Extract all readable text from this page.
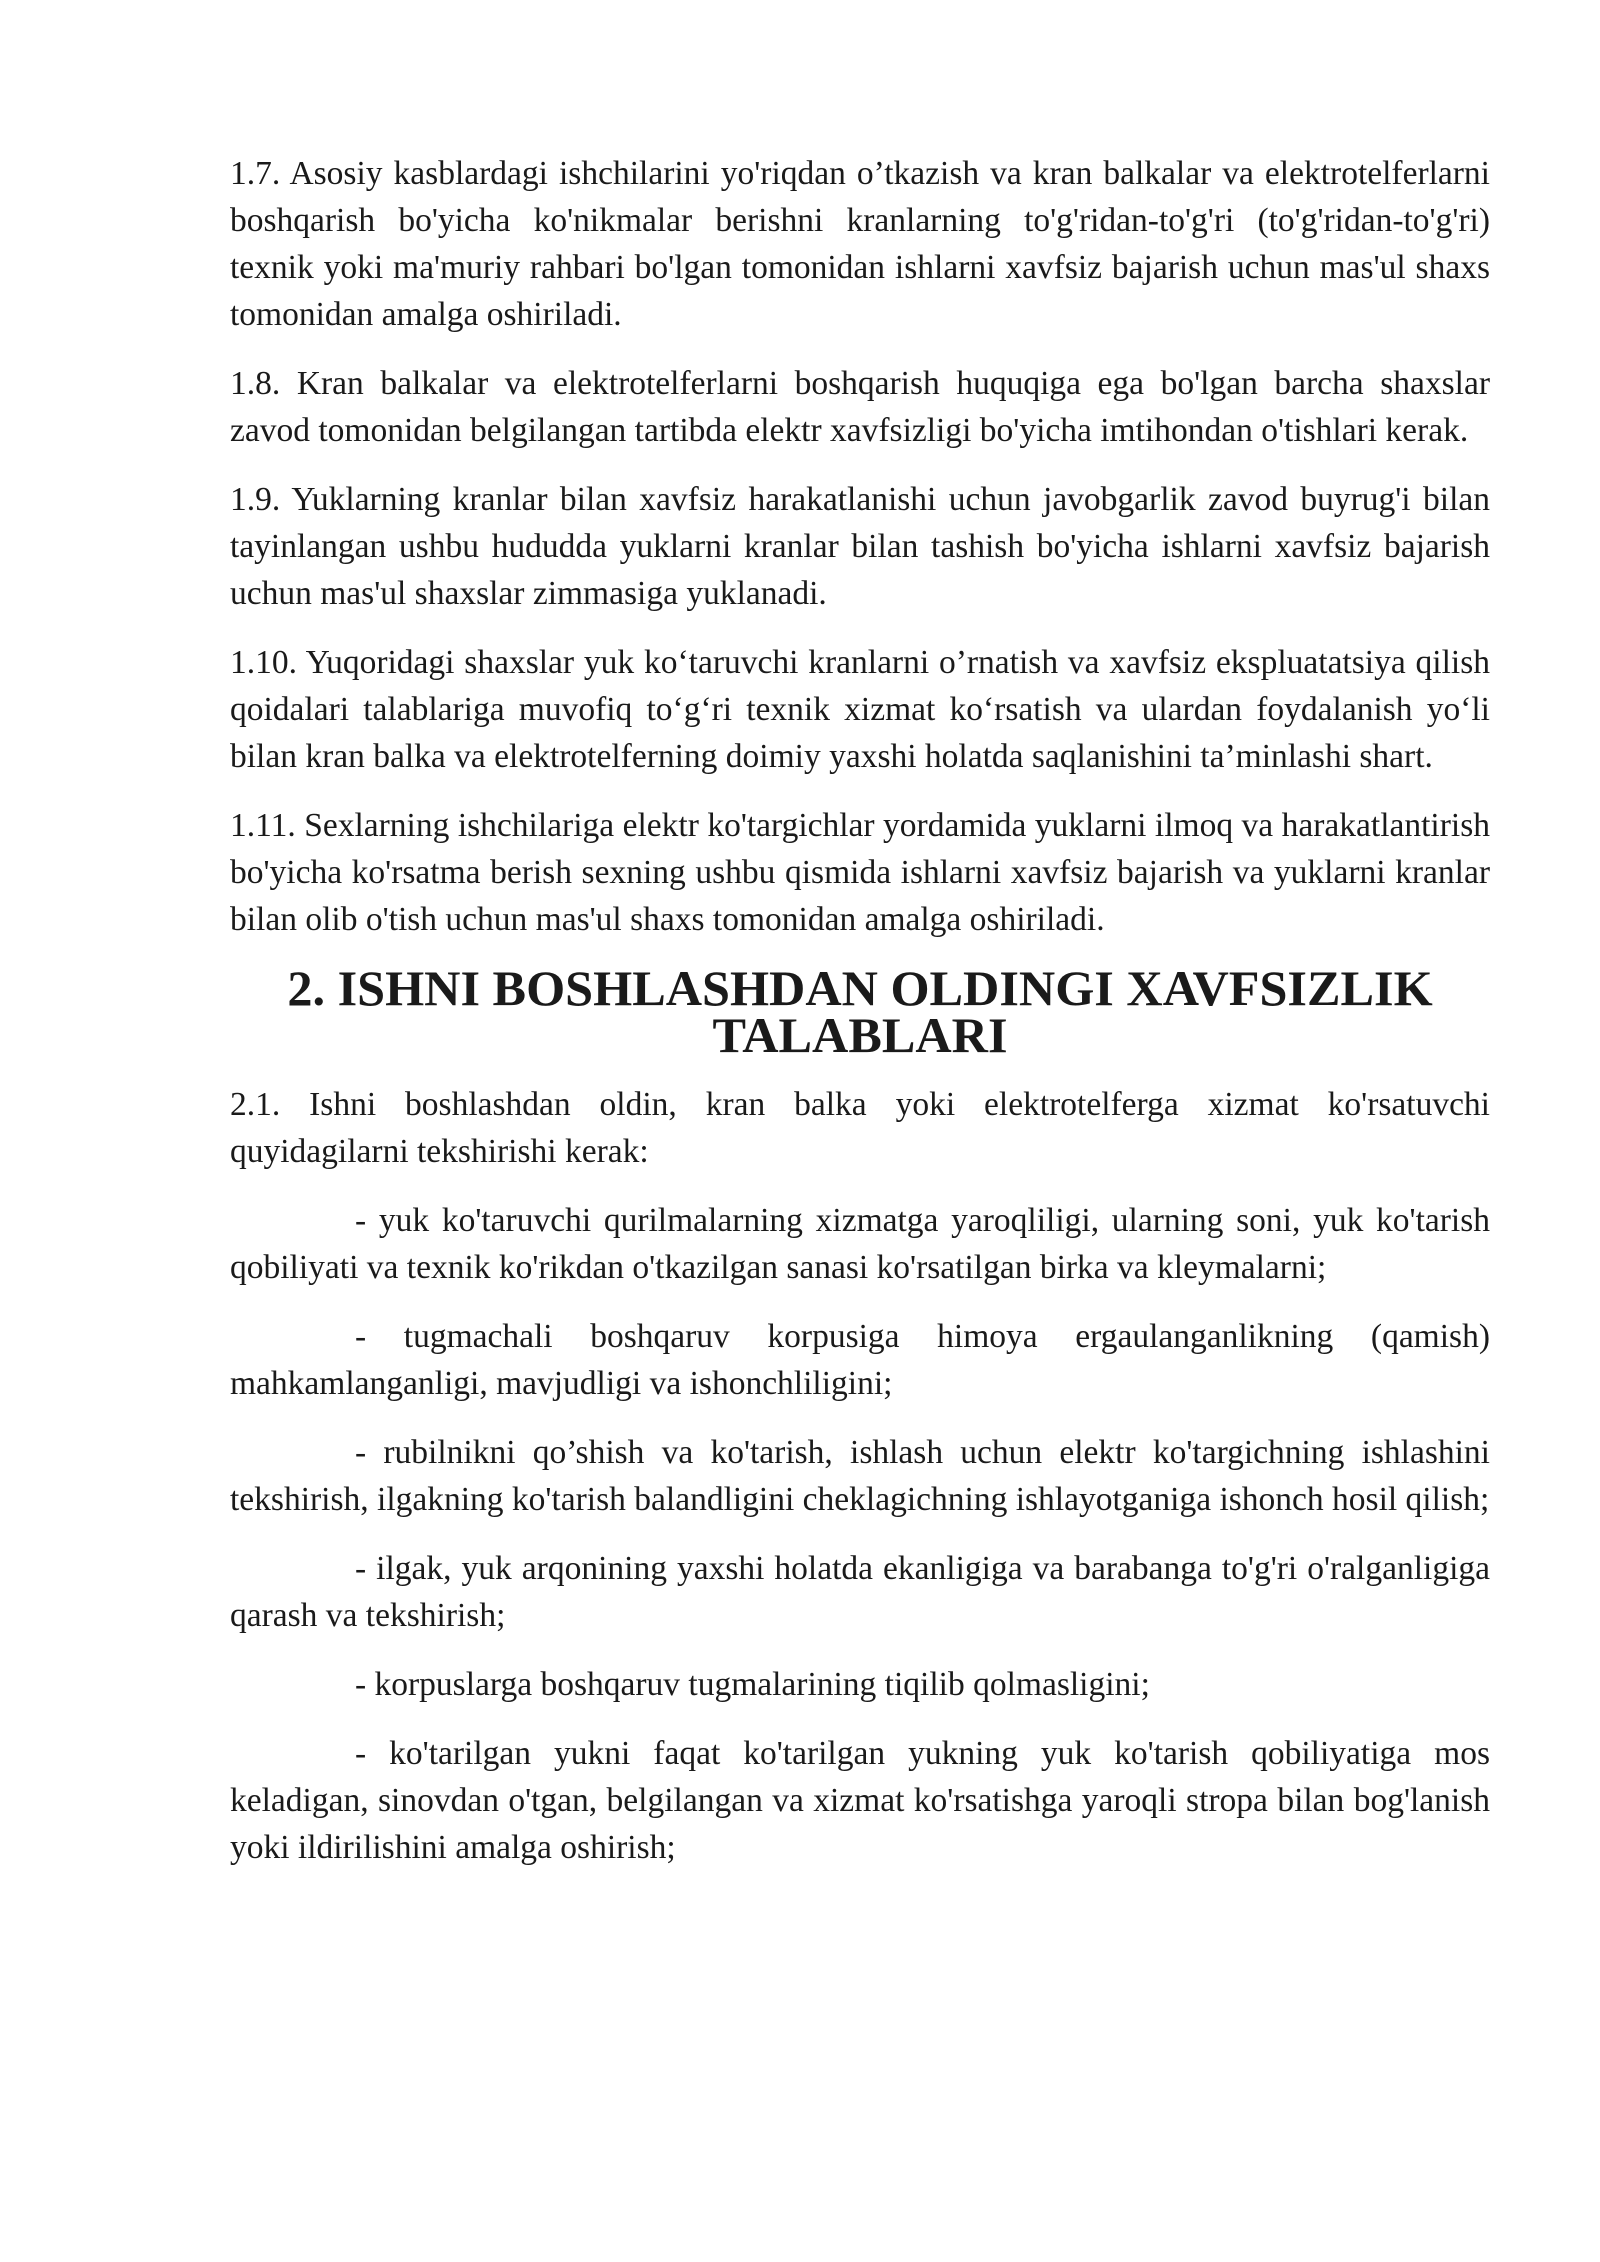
1.7. Asosiy kasblardagi ishchilarini yo'riqdan o’tkazish va kran balkalar va elektrotelferlarni boshqarish bo'yicha ko'nikmalar berishni kranlarning to'g'ridan-to'g'ri (to'g'ridan-to'g'ri) texnik yoki ma'muriy rahbari bo'lgan tomonidan ishlarni xavfsiz bajarish uchun mas'ul shaxs tomonidan amalga oshiriladi.

1.8. Kran balkalar va elektrotelferlarni boshqarish huquqiga ega bo'lgan barcha shaxslar zavod tomonidan belgilangan tartibda elektr xavfsizligi bo'yicha imtihondan o'tishlari kerak.

1.9. Yuklarning kranlar bilan xavfsiz harakatlanishi uchun javobgarlik zavod buyrug'i bilan tayinlangan ushbu hududda yuklarni kranlar bilan tashish bo'yicha ishlarni xavfsiz bajarish uchun mas'ul shaxslar zimmasiga yuklanadi.

1.10. Yuqoridagi shaxslar yuk ko‘taruvchi kranlarni o’rnatish va xavfsiz ekspluatatsiya qilish qoidalari talablariga muvofiq to‘g‘ri texnik xizmat ko‘rsatish va ulardan foydalanish yo‘li bilan kran balka va elektrotelferning doimiy yaxshi holatda saqlanishini ta’minlashi shart.

1.11. Sexlarning ishchilariga elektr ko'targichlar yordamida yuklarni ilmoq va harakatlantirish bo'yicha ko'rsatma berish sexning ushbu qismida ishlarni xavfsiz bajarish va yuklarni kranlar bilan olib o'tish uchun mas'ul shaxs tomonidan amalga oshiriladi.

2. ISHNI BOSHLASHDAN OLDINGI XAVFSIZLIK TALABLARI

2.1. Ishni boshlashdan oldin, kran balka yoki elektrotelferga xizmat ko'rsatuvchi quyidagilarni tekshirishi kerak:

- yuk ko'taruvchi qurilmalarning xizmatga yaroqliligi, ularning soni, yuk ko'tarish qobiliyati va texnik ko'rikdan o'tkazilgan sanasi ko'rsatilgan birka va kleymalarni;

- tugmachali boshqaruv korpusiga himoya ergaulanganlikning (qamish) mahkamlanganligi, mavjudligi va ishonchliligini;

- rubilnikni qo’shish va ko'tarish, ishlash uchun elektr ko'targichning ishlashini tekshirish, ilgakning ko'tarish balandligini cheklagichning ishlayotganiga ishonch hosil qilish;

- ilgak, yuk arqonining yaxshi holatda ekanligiga va barabanga to'g'ri o'ralganligiga qarash va tekshirish;

- korpuslarga boshqaruv tugmalarining tiqilib qolmasligini;

- ko'tarilgan yukni faqat ko'tarilgan yukning yuk ko'tarish qobiliyatiga mos keladigan, sinovdan o'tgan, belgilangan va xizmat ko'rsatishga yaroqli stropa bilan bog'lanish yoki ildirilishini amalga oshirish;
